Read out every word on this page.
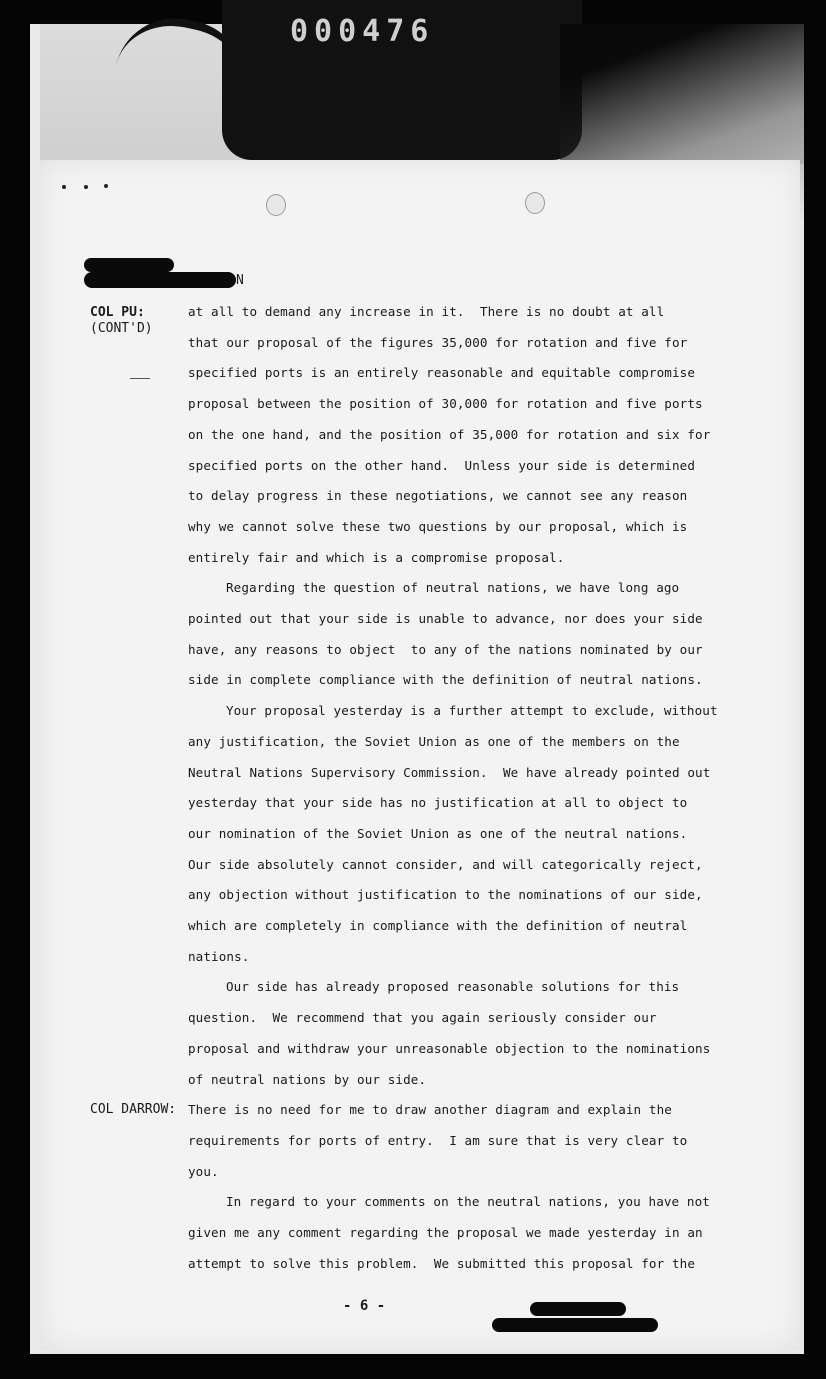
000476
N
COL PU:
(CONT'D)
COL DARROW:
at all to demand any increase in it.  There is no doubt at all
that our proposal of the figures 35,000 for rotation and five for
specified ports is an entirely reasonable and equitable compromise
proposal between the position of 30,000 for rotation and five ports
on the one hand, and the position of 35,000 for rotation and six for
specified ports on the other hand.  Unless your side is determined
to delay progress in these negotiations, we cannot see any reason
why we cannot solve these two questions by our proposal, which is
entirely fair and which is a compromise proposal.
Regarding the question of neutral nations, we have long ago
pointed out that your side is unable to advance, nor does your side
have, any reasons to object  to any of the nations nominated by our
side in complete compliance with the definition of neutral nations.
Your proposal yesterday is a further attempt to exclude, without
any justification, the Soviet Union as one of the members on the
Neutral Nations Supervisory Commission.  We have already pointed out
yesterday that your side has no justification at all to object to
our nomination of the Soviet Union as one of the neutral nations.
Our side absolutely cannot consider, and will categorically reject,
any objection without justification to the nominations of our side,
which are completely in compliance with the definition of neutral
nations.
Our side has already proposed reasonable solutions for this
question.  We recommend that you again seriously consider our
proposal and withdraw your unreasonable objection to the nominations
of neutral nations by our side.
There is no need for me to draw another diagram and explain the
requirements for ports of entry.  I am sure that is very clear to
you.
In regard to your comments on the neutral nations, you have not
given me any comment regarding the proposal we made yesterday in an
attempt to solve this problem.  We submitted this proposal for the
- 6 -
